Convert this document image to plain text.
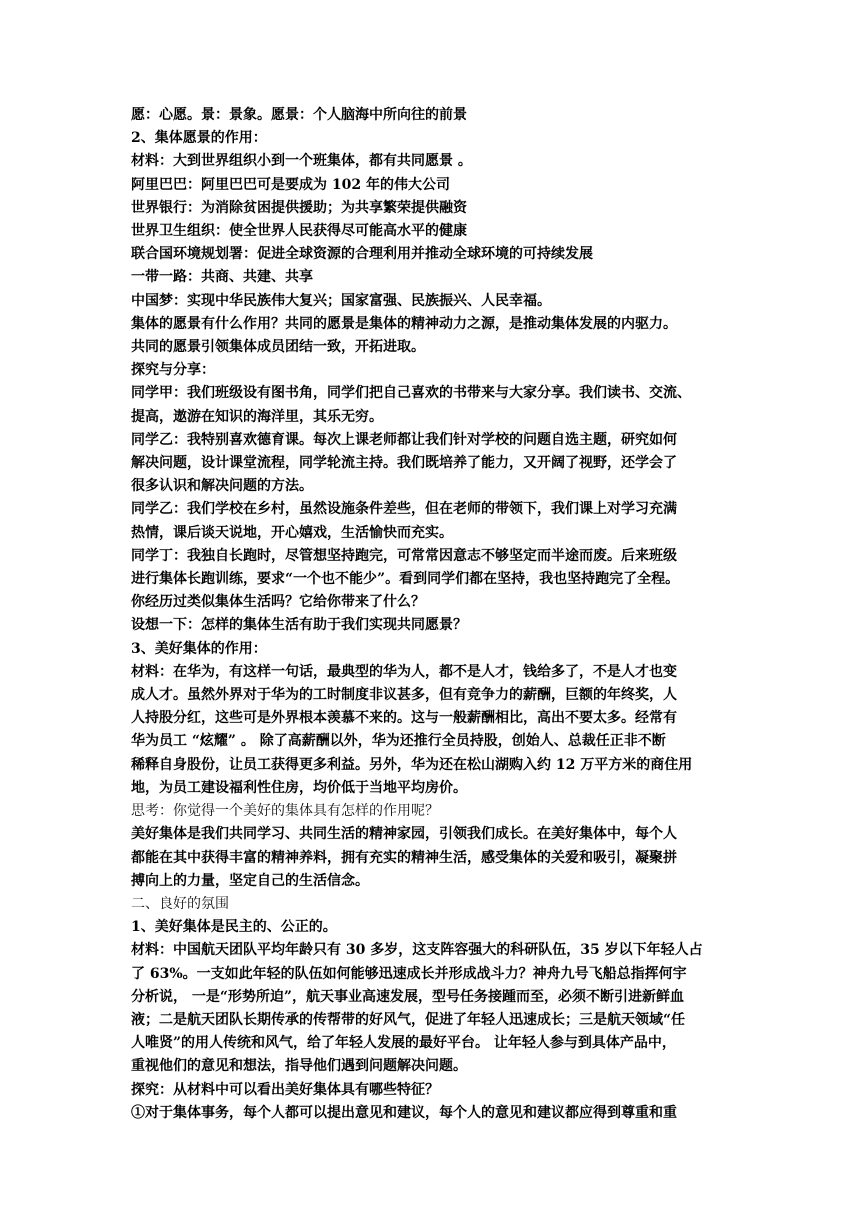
愿：心愿。景：景象。愿景：个人脑海中所向往的前景

2、集体愿景的作用：

材料：大到世界组织小到一个班集体，都有共同愿景 。

阿里巴巴：阿里巴巴可是要成为 102 年的伟大公司

世界银行：为消除贫困提供援助；为共享繁荣提供融资

世界卫生组织：使全世界人民获得尽可能高水平的健康

联合国环境规划署：促进全球资源的合理利用并推动全球环境的可持续发展

一带一路：共商、共建、共享

中国梦：实现中华民族伟大复兴；国家富强、民族振兴、人民幸福。

集体的愿景有什么作用？共同的愿景是集体的精神动力之源，是推动集体发展的内驱力。

共同的愿景引领集体成员团结一致，开拓进取。

探究与分享：

同学甲：我们班级设有图书角，同学们把自己喜欢的书带来与大家分享。我们读书、交流、

提高，遨游在知识的海洋里，其乐无穷。

同学乙：我特别喜欢德育课。每次上课老师都让我们针对学校的问题自选主题，研究如何

解决问题，设计课堂流程，同学轮流主持。我们既培养了能力，又开阔了视野，还学会了

很多认识和解决问题的方法。

同学乙：我们学校在乡村，虽然设施条件差些，但在老师的带领下，我们课上对学习充满

热情，课后谈天说地，开心嬉戏，生活愉快而充实。

同学丁：我独自长跑时，尽管想坚持跑完，可常常因意志不够坚定而半途而废。后来班级

进行集体长跑训练，要求“一个也不能少”。看到同学们都在坚持，我也坚持跑完了全程。

你经历过类似集体生活吗？它给你带来了什么？

设想一下：怎样的集体生活有助于我们实现共同愿景？

3、美好集体的作用：

材料：在华为，有这样一句话，最典型的华为人，都不是人才，钱给多了，不是人才也变

成人才。虽然外界对于华为的工时制度非议甚多，但有竞争力的薪酬，巨额的年终奖，人

人持股分红，这些可是外界根本羡慕不来的。这与一般薪酬相比，高出不要太多。经常有

华为员工 “炫耀” 。 除了高薪酬以外，华为还推行全员持股，创始人、总裁任正非不断

稀释自身股份，让员工获得更多利益。另外，华为还在松山湖购入约 12 万平方米的商住用

地，为员工建设福利性住房，均价低于当地平均房价。

思考：你觉得一个美好的集体具有怎样的作用呢？

美好集体是我们共同学习、共同生活的精神家园，引领我们成长。在美好集体中，每个人

都能在其中获得丰富的精神养料，拥有充实的精神生活，感受集体的关爱和吸引，凝聚拼

搏向上的力量，坚定自己的生活信念。

二、良好的氛围

1、美好集体是民主的、公正的。

材料：中国航天团队平均年龄只有 30 多岁，这支阵容强大的科研队伍，35 岁以下年轻人占

了 63%。一支如此年轻的队伍如何能够迅速成长并形成战斗力？神舟九号飞船总指挥何宇

分析说， 一是“形势所迫”，航天事业高速发展，型号任务接踵而至，必须不断引进新鲜血

液；二是航天团队长期传承的传帮带的好风气，促进了年轻人迅速成长；三是航天领域“任

人唯贤”的用人传统和风气，给了年轻人发展的最好平台。 让年轻人参与到具体产品中，

重视他们的意见和想法，指导他们遇到问题解决问题。

探究：从材料中可以看出美好集体具有哪些特征？

①对于集体事务，每个人都可以提出意见和建议，每个人的意见和建议都应得到尊重和重
